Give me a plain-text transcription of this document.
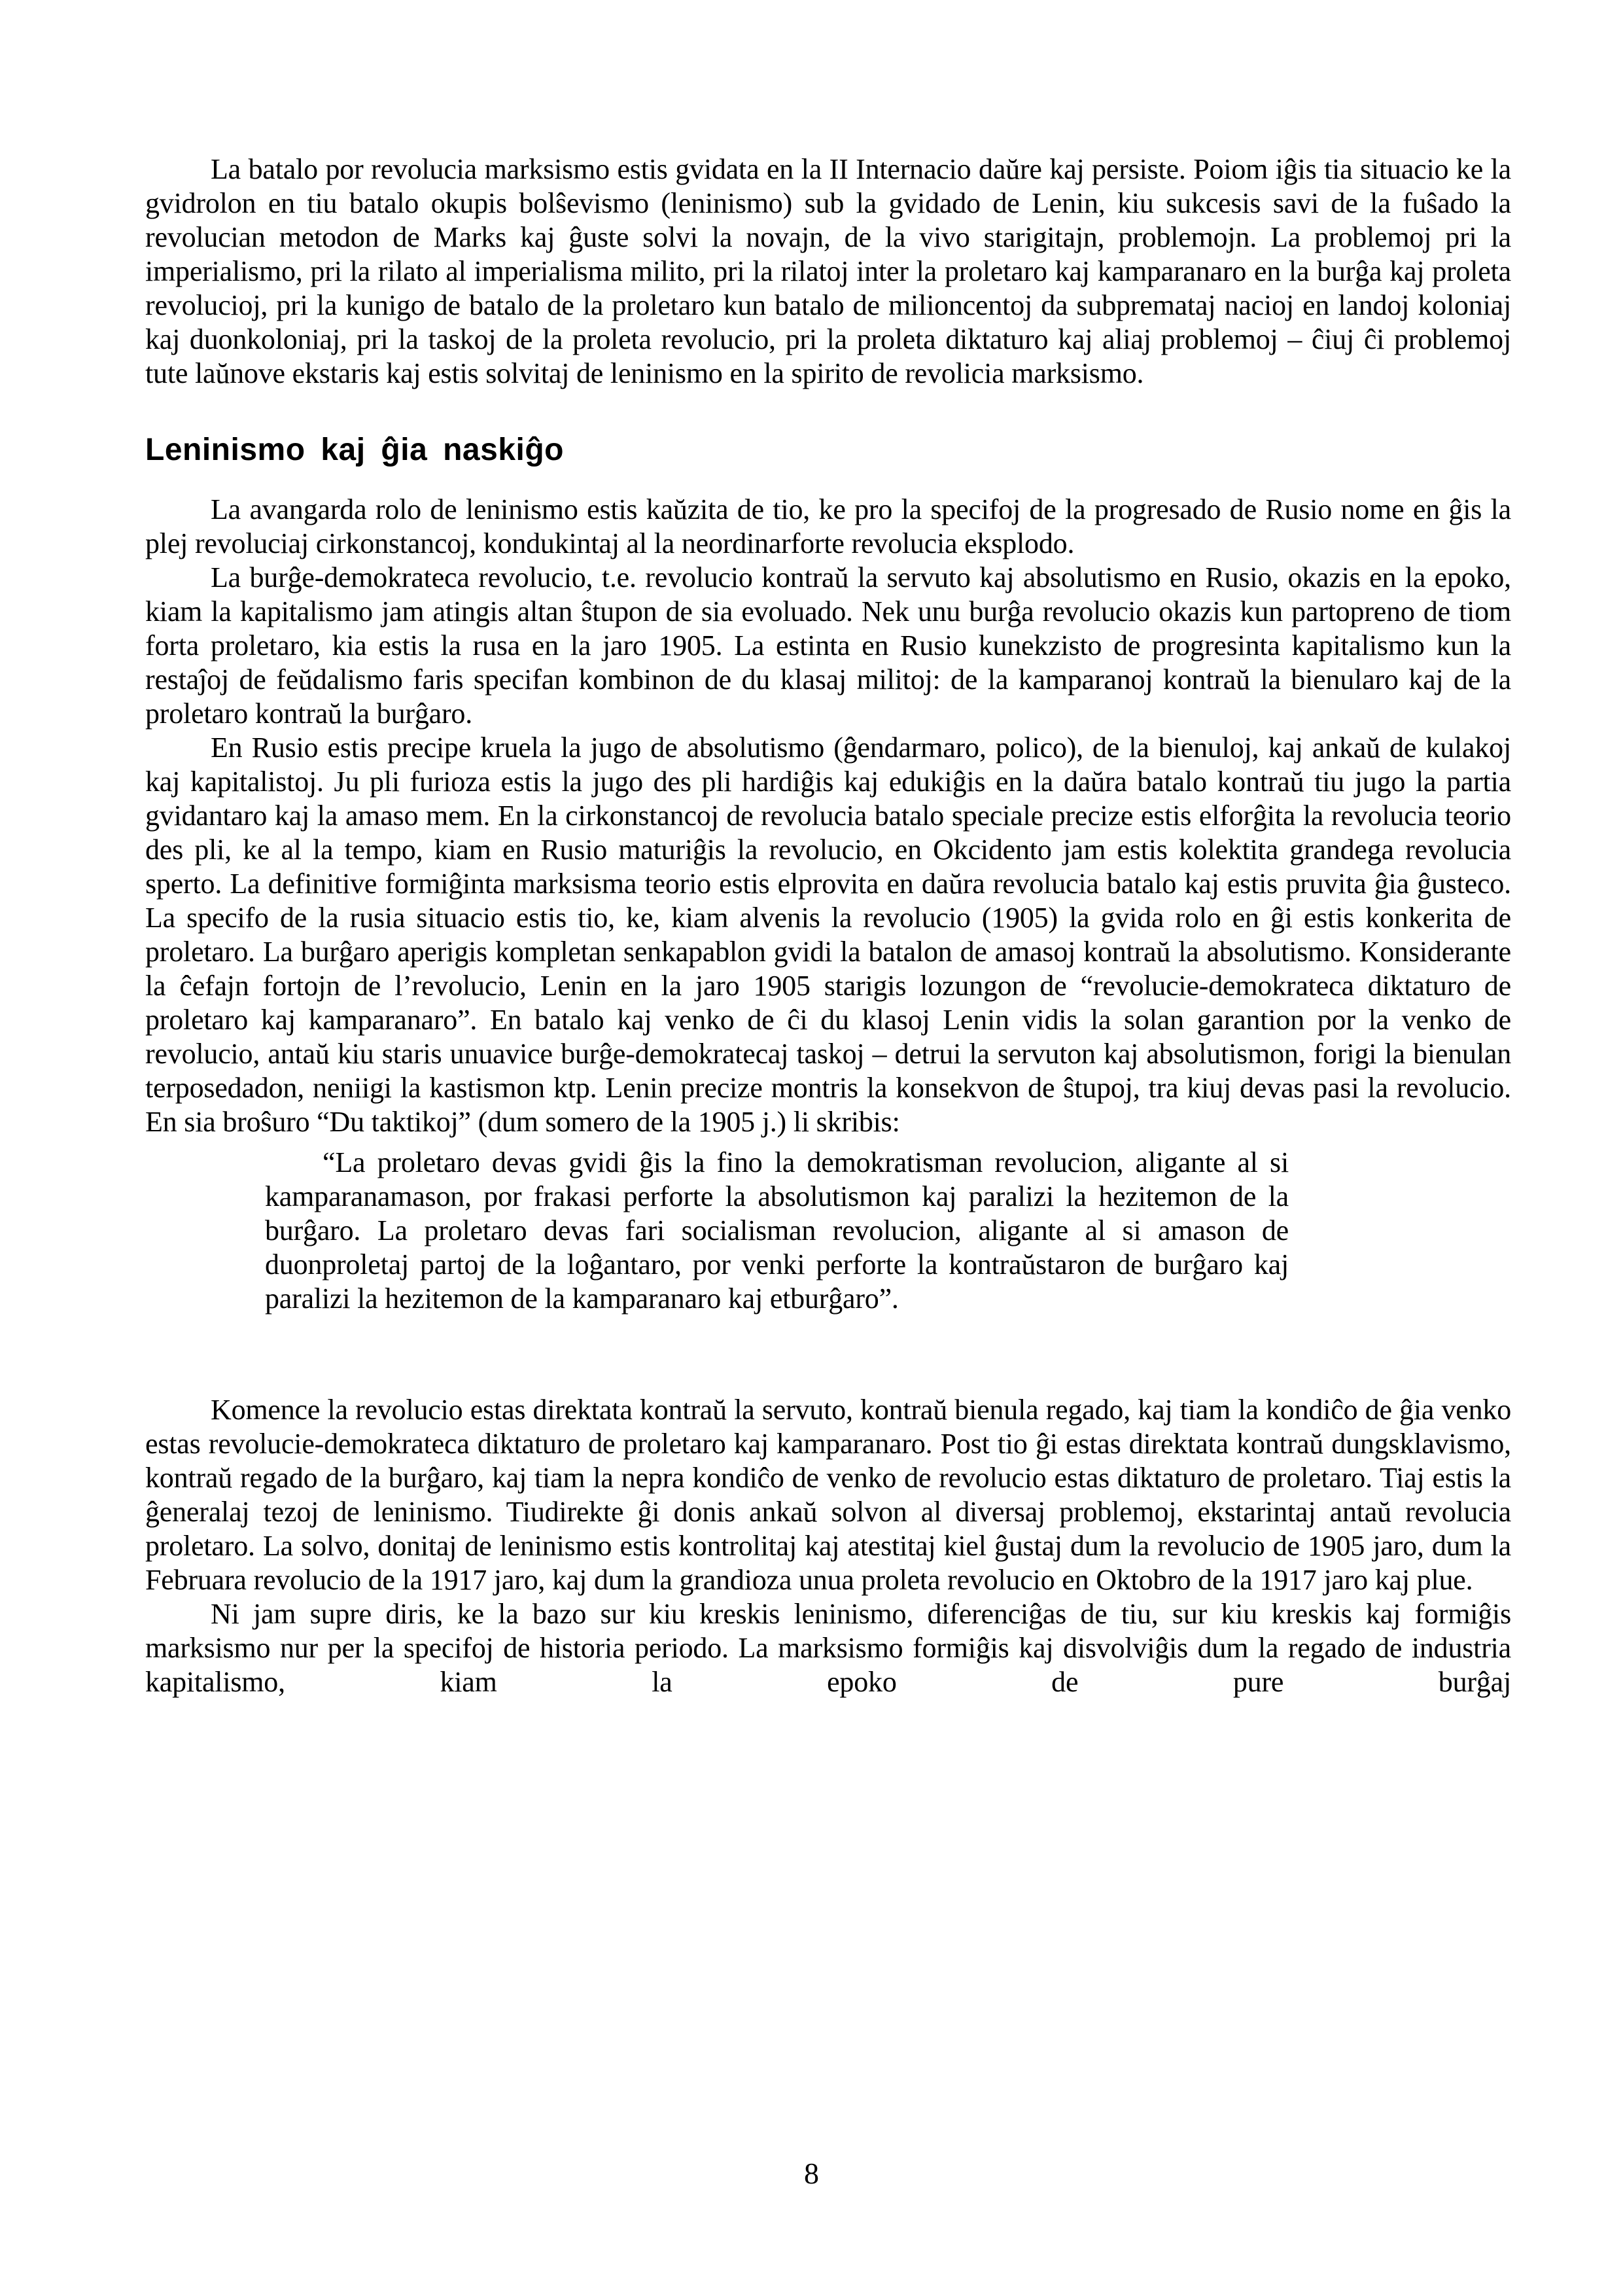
La batalo por revolucia marksismo estis gvidata en la II Internacio daŭre kaj persiste. Poiom iĝis tia situacio ke la gvidrolon en tiu batalo okupis bolŝevismo (leninismo) sub la gvidado de Lenin, kiu sukcesis savi de la fuŝado la revolucian metodon de Marks kaj ĝuste solvi la novajn, de la vivo starigitajn, problemojn. La problemoj pri la imperialismo, pri la rilato al imperialisma milito, pri la rilatoj inter la proletaro kaj kamparanaro en la burĝa kaj proleta revolucioj, pri la kunigo de batalo de la proletaro kun batalo de milioncentoj da subpremataj nacioj en landoj koloniaj kaj duonkoloniaj, pri la taskoj de la proleta revolucio, pri la proleta diktaturo kaj aliaj problemoj – ĉiuj ĉi problemoj tute laŭnove ekstaris kaj estis solvitaj de leninismo en la spirito de revolicia marksismo.

Leninismo kaj ĝia naskiĝo

La avangarda rolo de leninismo estis kaŭzita de tio, ke pro la specifoj de la progresado de Rusio nome en ĝis la plej revoluciaj cirkonstancoj, kondukintaj al la neordinarforte revolucia eksplodo.

La burĝe-demokrateca revolucio, t.e. revolucio kontraŭ la servuto kaj absolutismo en Rusio, okazis en la epoko, kiam la kapitalismo jam atingis altan ŝtupon de sia evoluado. Nek unu burĝa revolucio okazis kun partopreno de tiom forta proletaro, kia estis la rusa en la jaro 1905. La estinta en Rusio kunekzisto de progresinta kapitalismo kun la restaĵoj de feŭdalismo faris specifan kombinon de du klasaj militoj: de la kamparanoj kontraŭ la bienularo kaj de la proletaro kontraŭ la burĝaro.

En Rusio estis precipe kruela la jugo de absolutismo (ĝendarmaro, polico), de la bienuloj, kaj ankaŭ de kulakoj kaj kapitalistoj. Ju pli furioza estis la jugo des pli hardiĝis kaj edukiĝis en la daŭra batalo kontraŭ tiu jugo la partia gvidantaro kaj la amaso mem. En la cirkonstancoj de revolucia batalo speciale precize estis elforĝita la revolucia teorio des pli, ke al la tempo, kiam en Rusio maturiĝis la revolucio, en Okcidento jam estis kolektita grandega revolucia sperto. La definitive formiĝinta marksisma teorio estis elprovita en daŭra revolucia batalo kaj estis pruvita ĝia ĝusteco. La specifo de la rusia situacio estis tio, ke, kiam alvenis la revolucio (1905) la gvida rolo en ĝi estis konkerita de proletaro. La burĝaro aperigis kompletan senkapablon gvidi la batalon de amasoj kontraŭ la absolutismo. Konsiderante la ĉefajn fortojn de l’revolucio, Lenin en la jaro 1905 starigis lozungon de “revolucie-demokrateca diktaturo de proletaro kaj kamparanaro”. En batalo kaj venko de ĉi du klasoj Lenin vidis la solan garantion por la venko de revolucio, antaŭ kiu staris unuavice burĝe-demokratecaj taskoj – detrui la servuton kaj absolutismon, forigi la bienulan terposedadon, neniigi la kastismon ktp. Lenin precize montris la konsekvon de ŝtupoj, tra kiuj devas pasi la revolucio. En sia broŝuro “Du taktikoj” (dum somero de la 1905 j.) li skribis:

“La proletaro devas gvidi ĝis la fino la demokratisman revolucion, aligante al si kamparanamason, por frakasi perforte la absolutismon kaj paralizi la hezitemon de la burĝaro. La proletaro devas fari socialisman revolucion, aligante al si amason de duonproletaj partoj de la loĝantaro, por venki perforte la kontraŭstaron de burĝaro kaj paralizi la hezitemon de la kamparanaro kaj etburĝaro”.

Komence la revolucio estas direktata kontraŭ la servuto, kontraŭ bienula regado, kaj tiam la kondiĉo de ĝia venko estas revolucie-demokrateca diktaturo de proletaro kaj kamparanaro. Post tio ĝi estas direktata kontraŭ dungsklavismo, kontraŭ regado de la burĝaro, kaj tiam la nepra kondiĉo de venko de revolucio estas diktaturo de proletaro. Tiaj estis la ĝeneralaj tezoj de leninismo. Tiudirekte ĝi donis ankaŭ solvon al diversaj problemoj, ekstarintaj antaŭ revolucia proletaro. La solvo, donitaj de leninismo estis kontrolitaj kaj atestitaj kiel ĝustaj dum la revolucio de 1905 jaro, dum la Februara revolucio de la 1917 jaro, kaj dum la grandioza unua proleta revolucio en Oktobro de la 1917 jaro kaj plue.

Ni jam supre diris, ke la bazo sur kiu kreskis leninismo, diferenciĝas de tiu, sur kiu kreskis kaj formiĝis marksismo nur per la specifoj de historia periodo. La marksismo formiĝis kaj disvolviĝis dum la regado de industria kapitalismo, kiam la epoko de pure burĝaj

8
